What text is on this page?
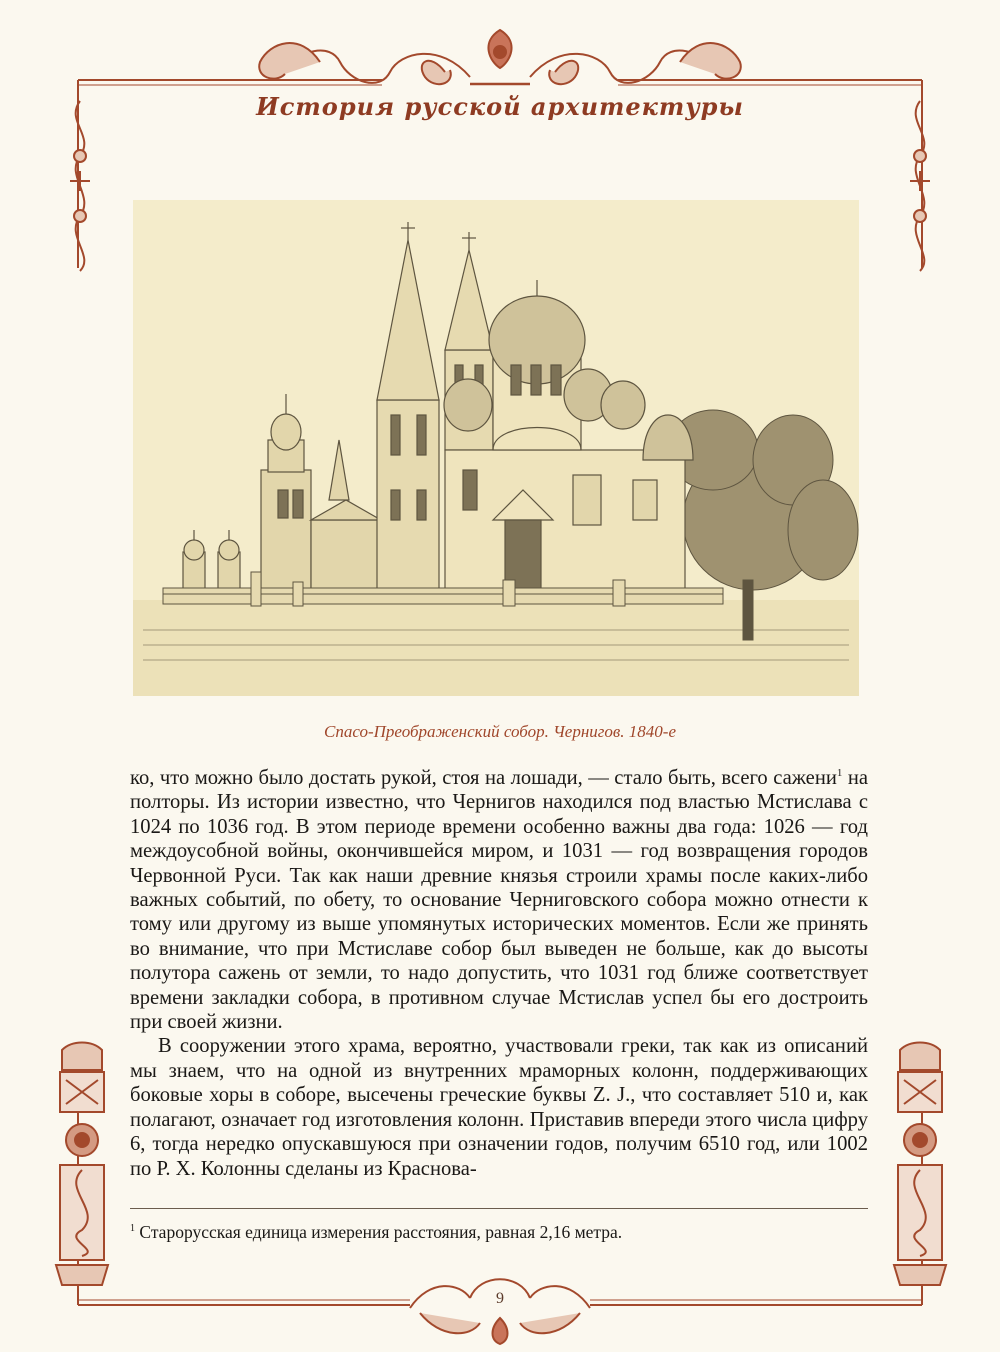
История русской архитектуры
Спасо-Преображенский собор. Чернигов. 1840-е

ко, что можно было достать рукой, стоя на лошади, — стало быть, всего сажени$^1$ на полторы. Из истории известно, что Чернигов находился под властью Мстислава с 1024 по 1036 год. В этом периоде времени особенно важны два года: 1026 — год междоусобной войны, окончившейся миром, и 1031 — год возвращения городов Червонной Руси. Так как наши древние князья строили храмы после каких-либо важных событий, по обету, то основание Черниговского собора можно отнести к тому или другому из выше упомянутых исторических моментов. Если же принять во внимание, что при Мстиславе собор был выведен не больше, как до высоты полутора сажень от земли, то надо допустить, что 1031 год ближе соответствует времени закладки собора, в противном случае Мстислав успел бы его достроить при своей жизни.

В сооружении этого храма, вероятно, участвовали греки, так как из описаний мы знаем, что на одной из внутренних мраморных колонн, поддерживающих боковые хоры в соборе, высечены греческие буквы Z. J., что составляет 510 и, как полагают, означает год изготовления колонн. Приставив впереди этого числа цифру 6, тогда нередко опускавшуюся при означении годов, получим 6510 год, или 1002 по Р. Х. Колонны сделаны из Краснова-

$^1$ Старорусская единица измерения расстояния, равная 2,16 метра.
9
